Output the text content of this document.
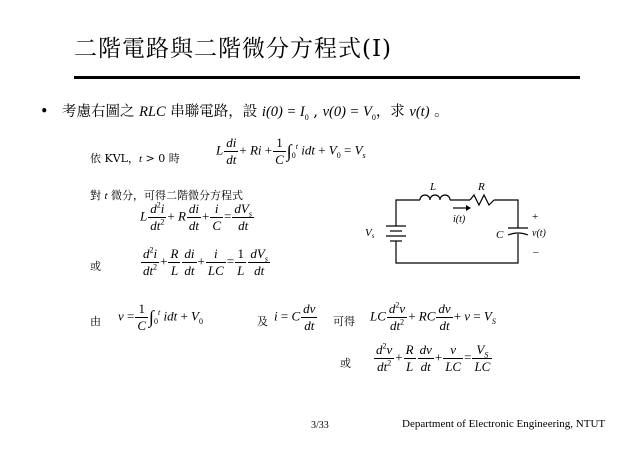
二階電路與二階微分方程式(I)
• 考慮右圖之 RLC 串聯電路，設 $i(0) = I_0$ , $v(0) = V_0$，求 v(t) 。
依 KVL，t > 0 時
L $\frac{di}{dt} + Ri + \frac{1}{C} \int_0^t$ idt + $V_0 = V_s$
對 t 微分，可得二階微分方程式
L $\frac{d^2i}{dt^2} + R \frac{di}{dt} + \frac{i}{C} = \frac{dV_s}{dt}$
或	$\frac{d^2i}{dt^2} + \frac{R}{L} \frac{di}{dt} + \frac{i}{LC} = \frac{1}{L} \frac{dV_s}{dt}$
由 $v = \frac{1}{C} \int_0^t$ idt + $V_0$	及 i = C $\frac{dv}{dt}$ 可得 LC $\frac{d^2v}{dt^2}$ + RC $\frac{dv}{dt} + v = V_S$
或 $\frac{d^2v}{dt^2} + \frac{R}{L} \frac{dv}{dt} + \frac{v}{LC} = \frac{V_S}{LC}$
L	R
i(t)
C
Vs	v(t)
+
–
3/33	Department of Electronic Engineering, NTUT
